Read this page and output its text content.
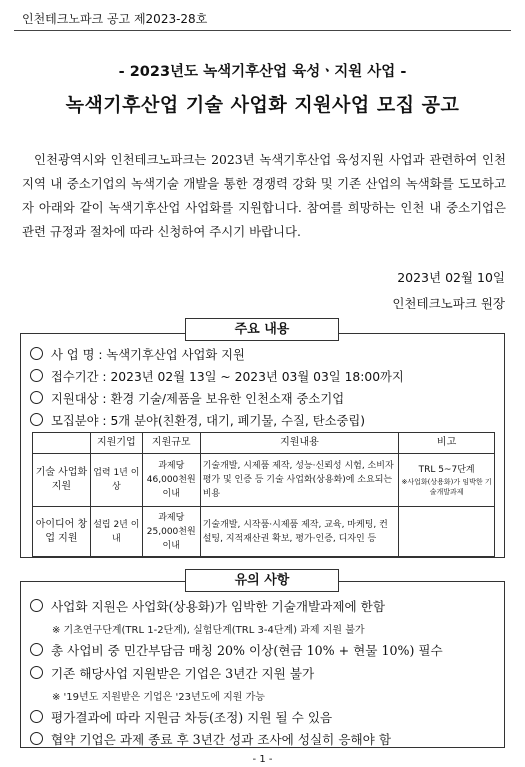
인천테크노파크 공고 제2023-28호
- 2023년도 녹색기후산업 육성ㆍ지원 사업 -
녹색기후산업 기술 사업화 지원사업 모집 공고
인천광역시와 인천테크노파크는 2023년 녹색기후산업 육성지원 사업과 관련하여 인천지역 내 중소기업의 녹색기술 개발을 통한 경쟁력 강화 및 기존 산업의 녹색화를 도모하고자 아래와 같이 녹색기후산업 사업화를 지원합니다. 참여를 희망하는 인천 내 중소기업은 관련 규정과 절차에 따라 신청하여 주시기 바랍니다.
2023년 02월 10일
인천테크노파크 원장
주요 내용
사 업 명 : 녹색기후산업 사업화 지원
접수기간 : 2023년 02월 13일 ~ 2023년 03월 03일 18:00까지
지원대상 : 환경 기술/제품을 보유한 인천소재 중소기업
모집분야 : 5개 분야(친환경, 대기, 폐기물, 수질, 탄소중립)
	지원기업	지원규모	지원내용	비고
기술 사업화 지원	업력 1년 이상	과제당 46,000천원 이내	기술개발, 시제품 제작, 성능·신뢰성 시험, 소비자 평가 및 인증 등 기술 사업화(상용화)에 소요되는 비용	TRL 5~7단계
※사업화(상용화)가 임박한 기술개발과제

아이디어 창업 지원	설립 2년 이내	과제당 25,000천원 이내	기술개발, 시작품·시제품 제작, 교육, 마케팅, 컨설팅, 지적재산권 확보, 평가·인증, 디자인 등	
유의 사항
사업화 지원은 사업화(상용화)가 임박한 기술개발과제에 한함
※ 기초연구단계(TRL 1-2단계), 실험단계(TRL 3-4단계) 과제 지원 불가
총 사업비 중 민간부담금 매칭 20% 이상(현금 10% + 현물 10%) 필수
기존 해당사업 지원받은 기업은 3년간 지원 불가
※ '19년도 지원받은 기업은 '23년도에 지원 가능
평가결과에 따라 지원금 차등(조정) 지원 될 수 있음
협약 기업은 과제 종료 후 3년간 성과 조사에 성실히 응해야 함
- 1 -
